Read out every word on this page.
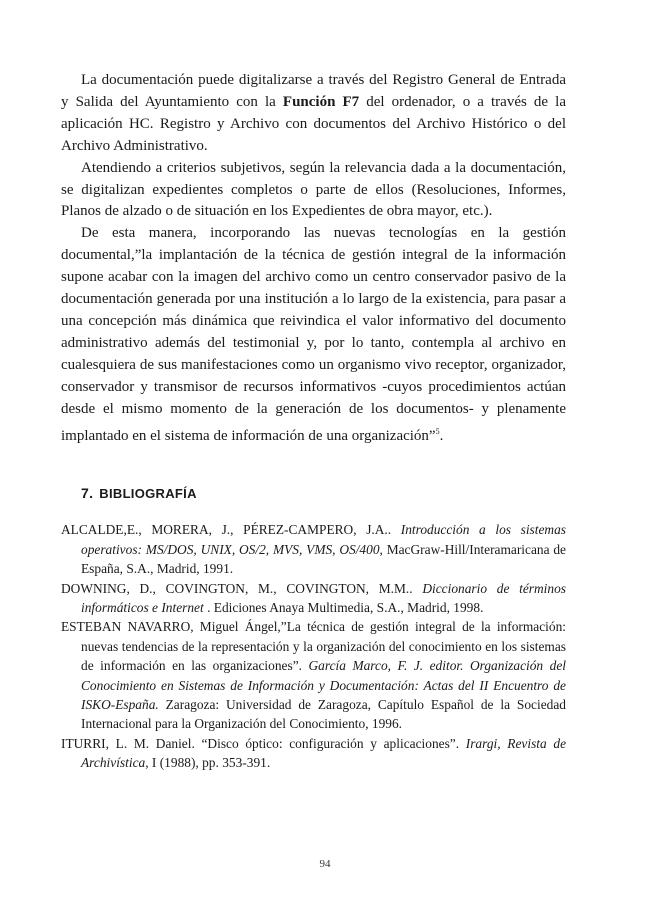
La documentación puede digitalizarse a través del Registro General de Entrada y Salida del Ayuntamiento con la Función F7 del ordenador, o a través de la aplicación HC. Registro y Archivo con documentos del Archivo Histórico o del Archivo Administrativo.

Atendiendo a criterios subjetivos, según la relevancia dada a la documentación, se digitalizan expedientes completos o parte de ellos (Resoluciones, Informes, Planos de alzado o de situación en los Expedientes de obra mayor, etc.).

De esta manera, incorporando las nuevas tecnologías en la gestión documental,”la implantación de la técnica de gestión integral de la información supone acabar con la imagen del archivo como un centro conservador pasivo de la documentación generada por una institución a lo largo de la existencia, para pasar a una concepción más dinámica que reivindica el valor informativo del documento administrativo además del testimonial y, por lo tanto, contempla al archivo en cualesquiera de sus manifestaciones como un organismo vivo receptor, organizador, conservador y transmisor de recursos informativos -cuyos procedimientos actúan desde el mismo momento de la generación de los documentos- y plenamente implantado en el sistema de información de una organización”$^5$.

7. BIBLIOGRAFÍA

ALCALDE,E., MORERA, J., PÉREZ-CAMPERO, J.A.. Introducción a los sistemas operativos: MS/DOS, UNIX, OS/2, MVS, VMS, OS/400, MacGraw-Hill/Interamaricana de España, S.A., Madrid, 1991.

DOWNING, D., COVINGTON, M., COVINGTON, M.M.. Diccionario de términos informáticos e Internet . Ediciones Anaya Multimedia, S.A., Madrid, 1998.

ESTEBAN NAVARRO, Miguel Ángel,”La técnica de gestión integral de la información: nuevas tendencias de la representación y la organización del conocimiento en los sistemas de información en las organizaciones”. García Marco, F. J. editor. Organización del Conocimiento en Sistemas de Información y Documentación: Actas del II Encuentro de ISKO-España. Zaragoza: Universidad de Zaragoza, Capítulo Español de la Sociedad Internacional para la Organización del Conocimiento, 1996.

ITURRI, L. M. Daniel. “Disco óptico: configuración y aplicaciones”. Irargi, Revista de Archivística, I (1988), pp. 353-391.

94
